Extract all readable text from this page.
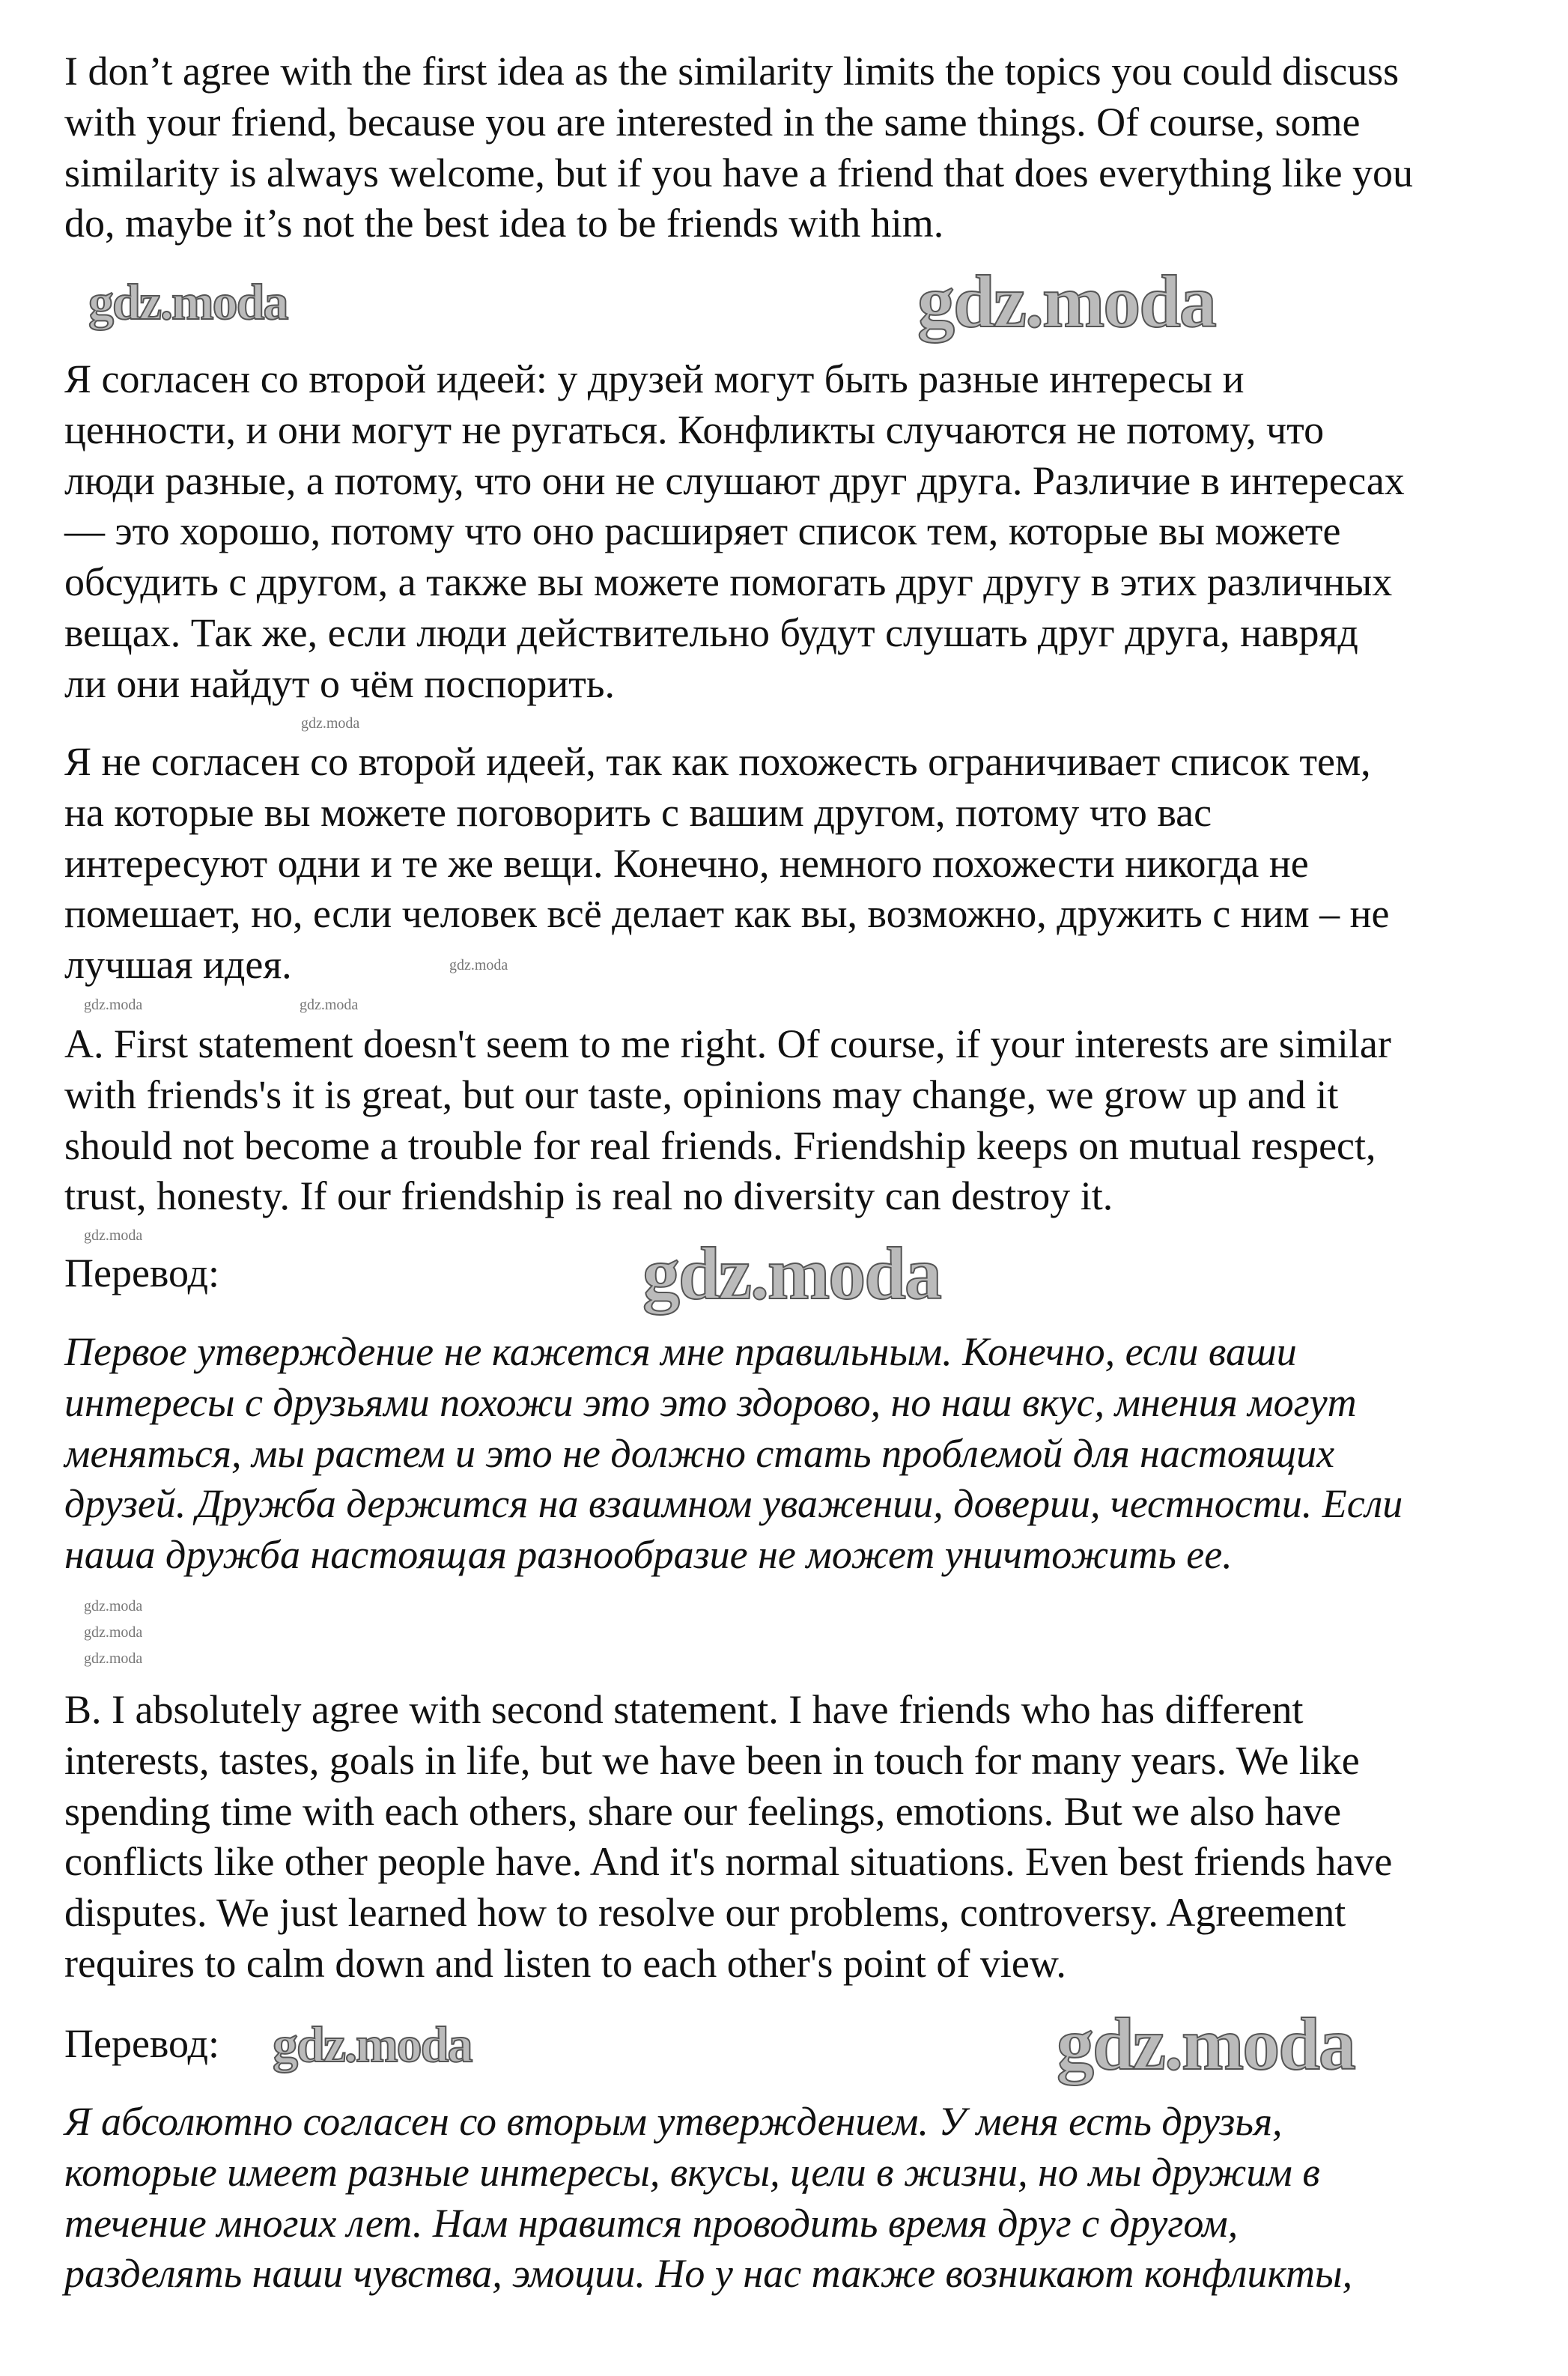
I don’t agree with the first idea as the similarity limits the topics you could discuss
with your friend, because you are interested in the same things. Of course, some
similarity is always welcome, but if you have a friend that does everything like you
do, maybe it’s not the best idea to be friends with him.
Я согласен со второй идеей: у друзей могут быть разные интересы и
ценности, и они могут не ругаться. Конфликты случаются не потому, что
люди разные, а потому, что они не слушают друг друга. Различие в интересах
— это хорошо, потому что оно расширяет список тем, которые вы можете
обсудить с другом, а также вы можете помогать друг другу в этих различных
вещах. Так же, если люди действительно будут слушать друг друга, навряд
ли они найдут о чём поспорить.
Я не согласен со второй идеей, так как похожесть ограничивает список тем,
на которые вы можете поговорить с вашим другом, потому что вас
интересуют одни и те же вещи. Конечно, немного похожести никогда не
помешает, но, если человек всё делает как вы, возможно, дружить с ним – не
лучшая идея.
A. First statement doesn't seem to me right. Of course, if your interests are similar
with friends's it is great, but our taste, opinions may change, we grow up and it
should not become a trouble for real friends. Friendship keeps on mutual respect,
trust, honesty. If our friendship is real no diversity can destroy it.
Перевод:
Первое утверждение не кажется мне правильным. Конечно, если ваши
интересы с друзьями похожи это это здорово, но наш вкус, мнения могут
меняться, мы растем и это не должно стать проблемой для настоящих
друзей. Дружба держится на взаимном уважении, доверии, честности. Если
наша дружба настоящая разнообразие не может уничтожить ее.
B. I absolutely agree with second statement. I have friends who has different
interests, tastes, goals in life, but we have been in touch for many years. We like
spending time with each others, share our feelings, emotions. But we also have
conflicts like other people have. And it's normal situations. Even best friends have
disputes. We just learned how to resolve our problems, controversy. Agreement
requires to calm down and listen to each other's point of view.
Перевод:
Я абсолютно согласен со вторым утверждением. У меня есть друзья,
которые имеет разные интересы, вкусы, цели в жизни, но мы дружим в
течение многих лет. Нам нравится проводить время друг с другом,
разделять наши чувства, эмоции. Но у нас также возникают конфликты,
gdz.moda	gdz.moda
gdz.moda
gdz.moda
gdz.moda
gdz.moda
gdz.moda	gdz.moda
gdz.moda
gdz.moda
gdz.moda
gdz.moda	gdz.moda
